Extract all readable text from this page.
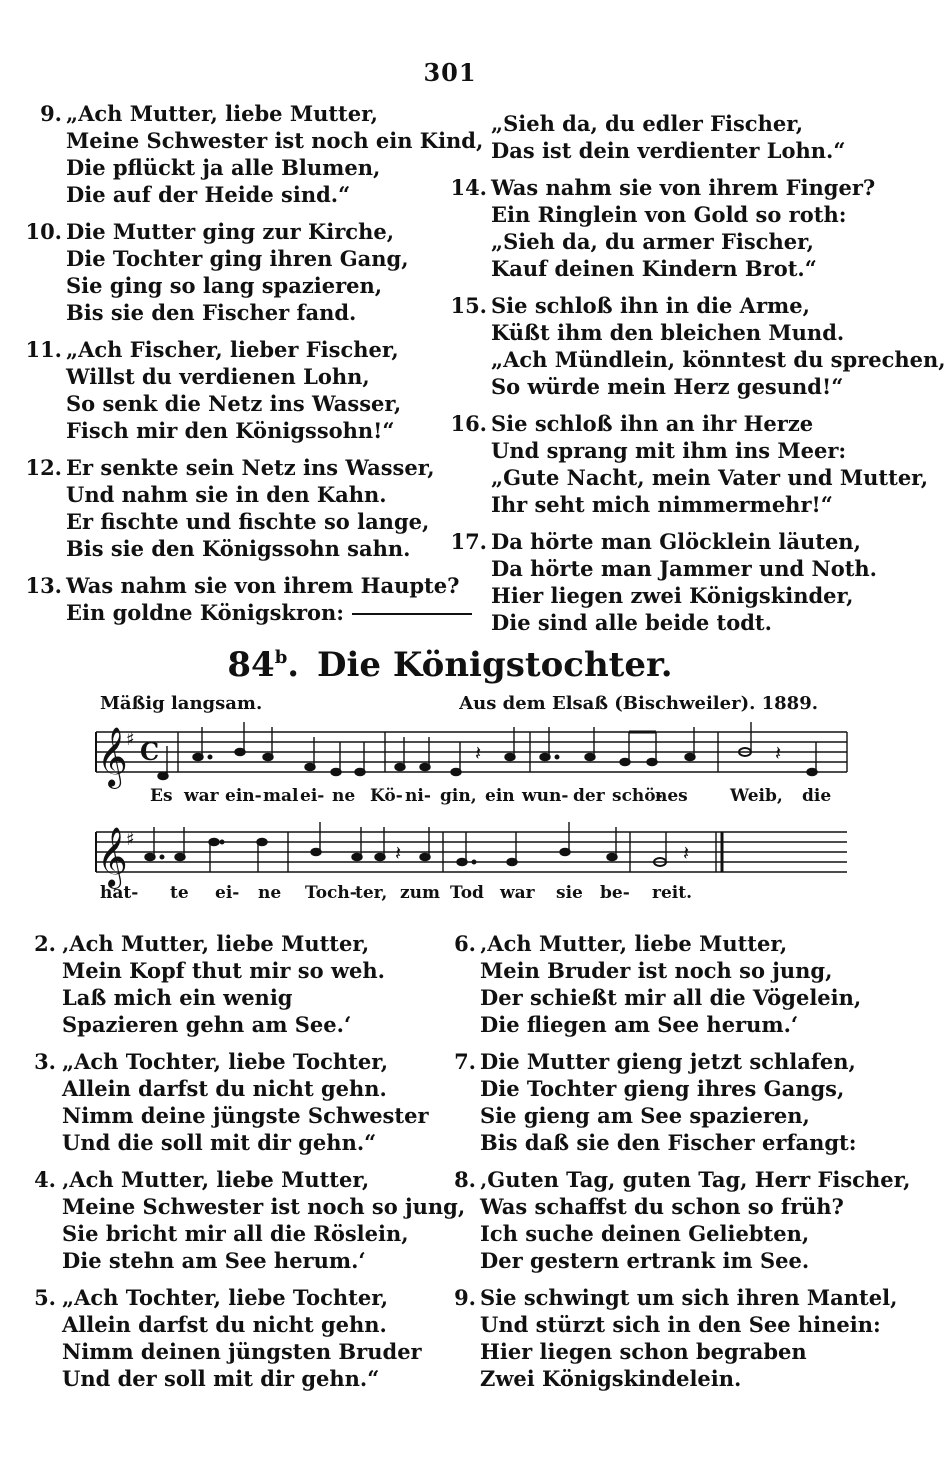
301
9. „Ach Mutter, liebe Mutter,
Meine Schwester ist noch ein Kind,
Die pflückt ja alle Blumen,
Die auf der Heide sind.“
10. Die Mutter ging zur Kirche,
Die Tochter ging ihren Gang,
Sie ging so lang spazieren,
Bis sie den Fischer fand.
11. „Ach Fischer, lieber Fischer,
Willst du verdienen Lohn,
So senk die Netz ins Wasser,
Fisch mir den Königssohn!“
12. Er senkte sein Netz ins Wasser,
Und nahm sie in den Kahn.
Er fischte und fischte so lange,
Bis sie den Königssohn sahn.
13. Was nahm sie von ihrem Haupte?
Ein goldne Königskron:
„Sieh da, du edler Fischer,
Das ist dein verdienter Lohn.“
14. Was nahm sie von ihrem Finger?
Ein Ringlein von Gold so roth:
„Sieh da, du armer Fischer,
Kauf deinen Kindern Brot.“
15. Sie schloß ihn in die Arme,
Küßt ihm den bleichen Mund.
„Ach Mündlein, könntest du sprechen,
So würde mein Herz gesund!“
16. Sie schloß ihn an ihr Herze
Und sprang mit ihm ins Meer:
„Gute Nacht, mein Vater und Mutter,
Ihr seht mich nimmermehr!“
17. Da hörte man Glöcklein läuten,
Da hörte man Jammer und Noth.
Hier liegen zwei Königskinder,
Die sind alle beide todt.
84$^b$. Die Königstochter.
Mäßig langsam.	Aus dem Elsaß (Bischweiler). 1889.
𝄞
♯ C	𝄽	𝄽
Es war ein- mal ei- ne Kö- ni- gin, ein wun- der schö-
nes Weib, die
𝄞
♯
𝄽	𝄽
hat- te ei- ne Toch-
ter, zum Tod war sie be- reit.
2. ‚Ach Mutter, liebe Mutter,
Mein Kopf thut mir so weh.
Laß mich ein wenig
Spazieren gehn am See.‘
3. „Ach Tochter, liebe Tochter,
Allein darfst du nicht gehn.
Nimm deine jüngste Schwester
Und die soll mit dir gehn.“
4. ‚Ach Mutter, liebe Mutter,
Meine Schwester ist noch so jung,
Sie bricht mir all die Röslein,
Die stehn am See herum.‘
5. „Ach Tochter, liebe Tochter,
Allein darfst du nicht gehn.
Nimm deinen jüngsten Bruder
Und der soll mit dir gehn.“
6. ‚Ach Mutter, liebe Mutter,
Mein Bruder ist noch so jung,
Der schießt mir all die Vögelein,
Die fliegen am See herum.‘
7. Die Mutter gieng jetzt schlafen,
Die Tochter gieng ihres Gangs,
Sie gieng am See spazieren,
Bis daß sie den Fischer erfangt:
8. ‚Guten Tag, guten Tag, Herr Fischer,
Was schaffst du schon so früh?
Ich suche deinen Geliebten,
Der gestern ertrank im See.
9. Sie schwingt um sich ihren Mantel,
Und stürzt sich in den See hinein:
Hier liegen schon begraben
Zwei Königskindelein.
